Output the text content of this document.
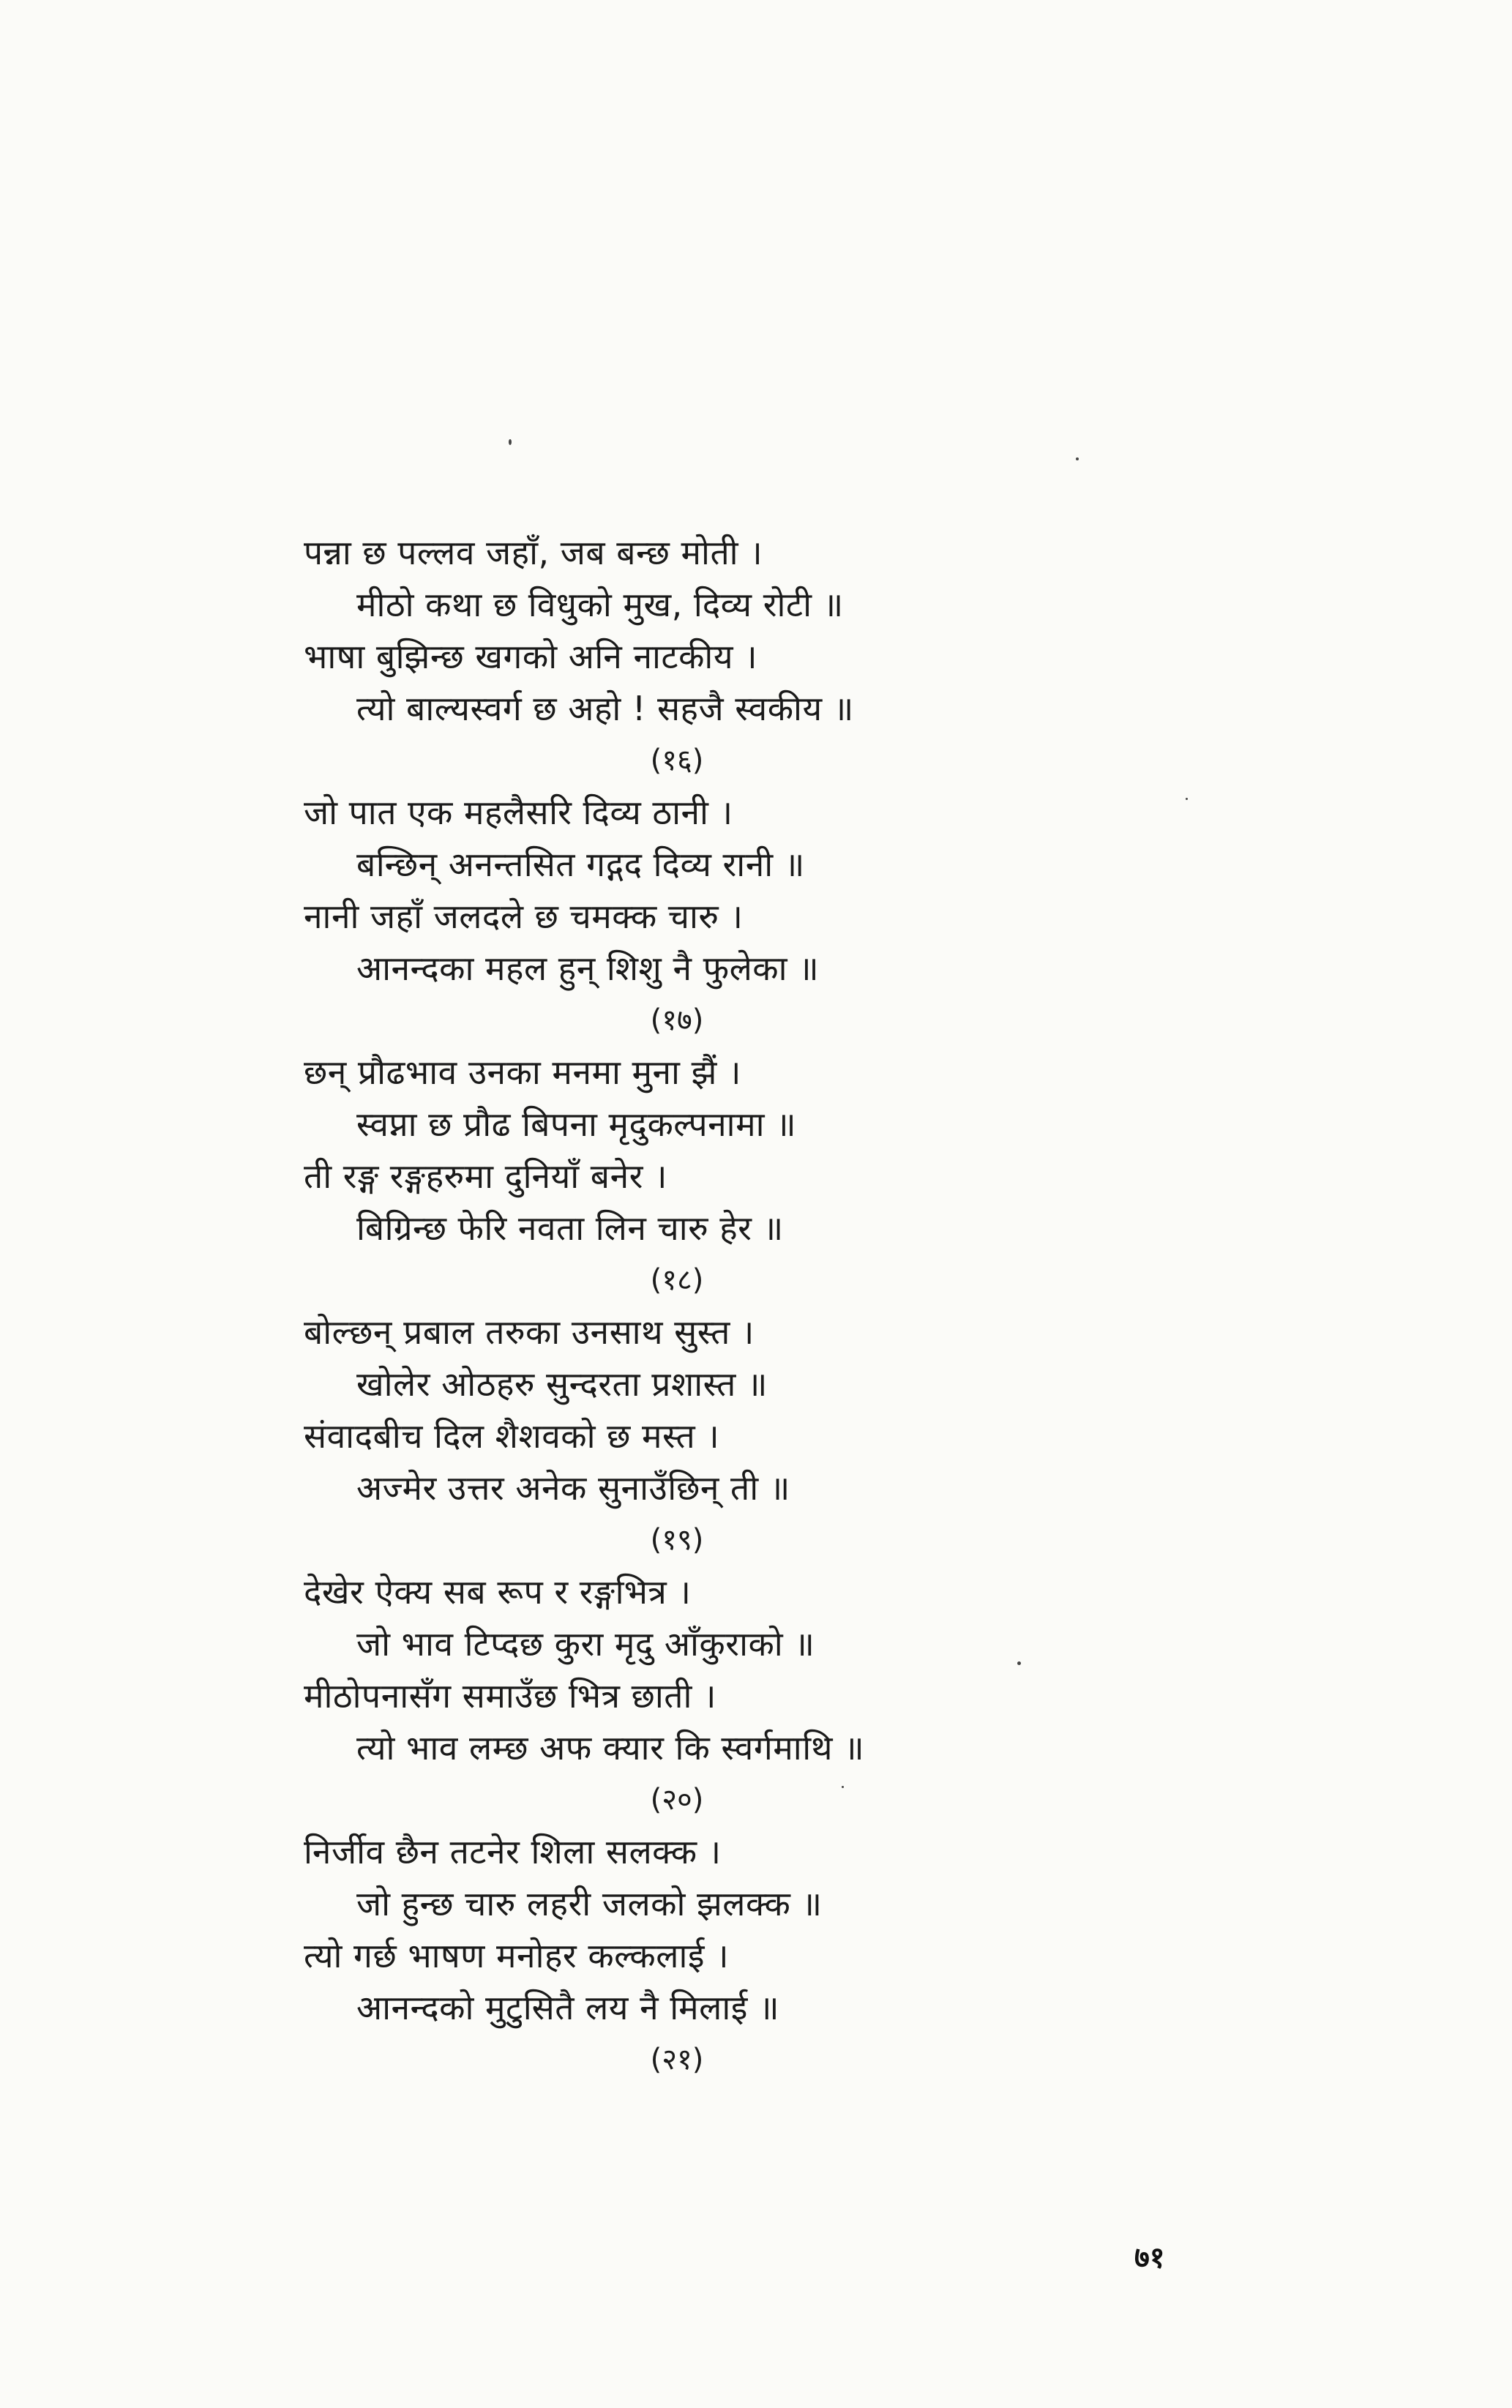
पन्ना छ पल्लव जहाँ, जब बन्छ मोती ।
मीठो कथा छ विधुको मुख, दिव्य रोटी ॥
भाषा बुझिन्छ खगको अनि नाटकीय ।
त्यो बाल्यस्वर्ग छ अहो ! सहजै स्वकीय ॥
(१६)
जो पात एक महलैसरि दिव्य ठानी ।
बन्छिन् अनन्तसित गद्गद दिव्य रानी ॥
नानी जहाँ जलदले छ चमक्क चारु ।
आनन्दका महल हुन् शिशु नै फुलेका ॥
(१७)
छन् प्रौढभाव उनका मनमा मुना झैं ।
स्वप्ना छ प्रौढ बिपना मृदुकल्पनामा ॥
ती रङ्ग रङ्गहरुमा दुनियाँ बनेर ।
बिग्रिन्छ फेरि नवता लिन चारु हेर ॥
(१८)
बोल्छन् प्रबाल तरुका उनसाथ सुस्त ।
खोलेर ओठहरु सुन्दरता प्रशास्त ॥
संवादबीच दिल शैशवको छ मस्त ।
अज्मेर उत्तर अनेक सुनाउँछिन् ती ॥
(१९)
देखेर ऐक्य सब रूप र रङ्गभित्र ।
जो भाव टिप्दछ कुरा मृदु आँकुराको ॥
मीठोपनासँग समाउँछ भित्र छाती ।
त्यो भाव लम्छ अफ क्यार कि स्वर्गमाथि ॥
(२०)
निर्जीव छैन तटनेर शिला सलक्क ।
जो हुन्छ चारु लहरी जलको झलक्क ॥
त्यो गर्छ भाषण मनोहर कल्कलाई ।
आनन्दको मुटुसितै लय नै मिलाई ॥
(२१)
७१
